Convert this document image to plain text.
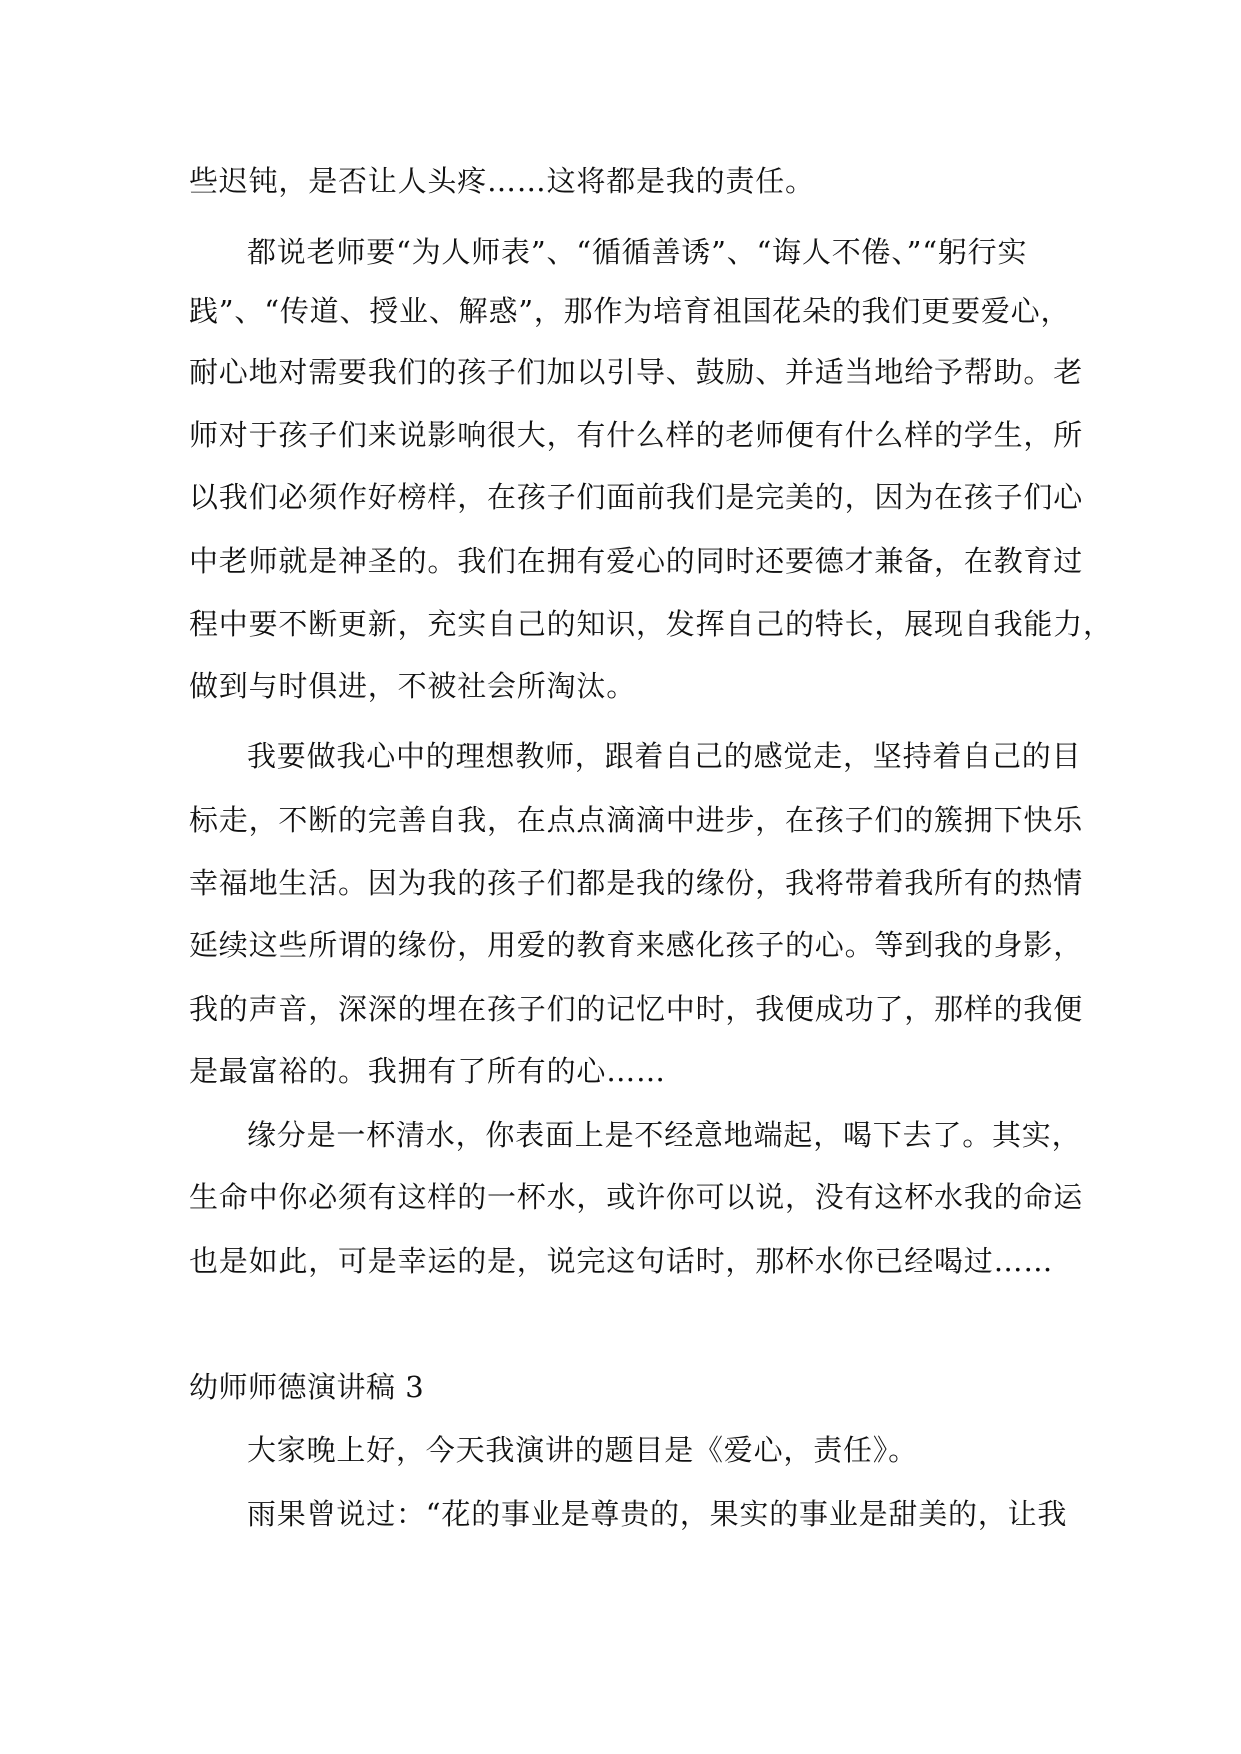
些迟钝，是否让人头疼……这将都是我的责任。
都说老师要“为人师表”、“循循善诱”、“诲人不倦、”“躬行实
践”、“传道、授业、解惑”，那作为培育祖国花朵的我们更要爱心，
耐心地对需要我们的孩子们加以引导、鼓励、并适当地给予帮助。老
师对于孩子们来说影响很大，有什么样的老师便有什么样的学生，所
以我们必须作好榜样，在孩子们面前我们是完美的，因为在孩子们心
中老师就是神圣的。我们在拥有爱心的同时还要德才兼备，在教育过
程中要不断更新，充实自己的知识，发挥自己的特长，展现自我能力，
做到与时俱进，不被社会所淘汰。
我要做我心中的理想教师，跟着自己的感觉走，坚持着自己的目
标走，不断的完善自我，在点点滴滴中进步，在孩子们的簇拥下快乐
幸福地生活。因为我的孩子们都是我的缘份，我将带着我所有的热情
延续这些所谓的缘份，用爱的教育来感化孩子的心。等到我的身影，
我的声音，深深的埋在孩子们的记忆中时，我便成功了，那样的我便
是最富裕的。我拥有了所有的心……
缘分是一杯清水，你表面上是不经意地端起，喝下去了。其实，
生命中你必须有这样的一杯水，或许你可以说，没有这杯水我的命运
也是如此，可是幸运的是，说完这句话时，那杯水你已经喝过……
幼师师德演讲稿 3
大家晚上好，今天我演讲的题目是《爱心，责任》。
雨果曾说过：“花的事业是尊贵的，果实的事业是甜美的，让我
